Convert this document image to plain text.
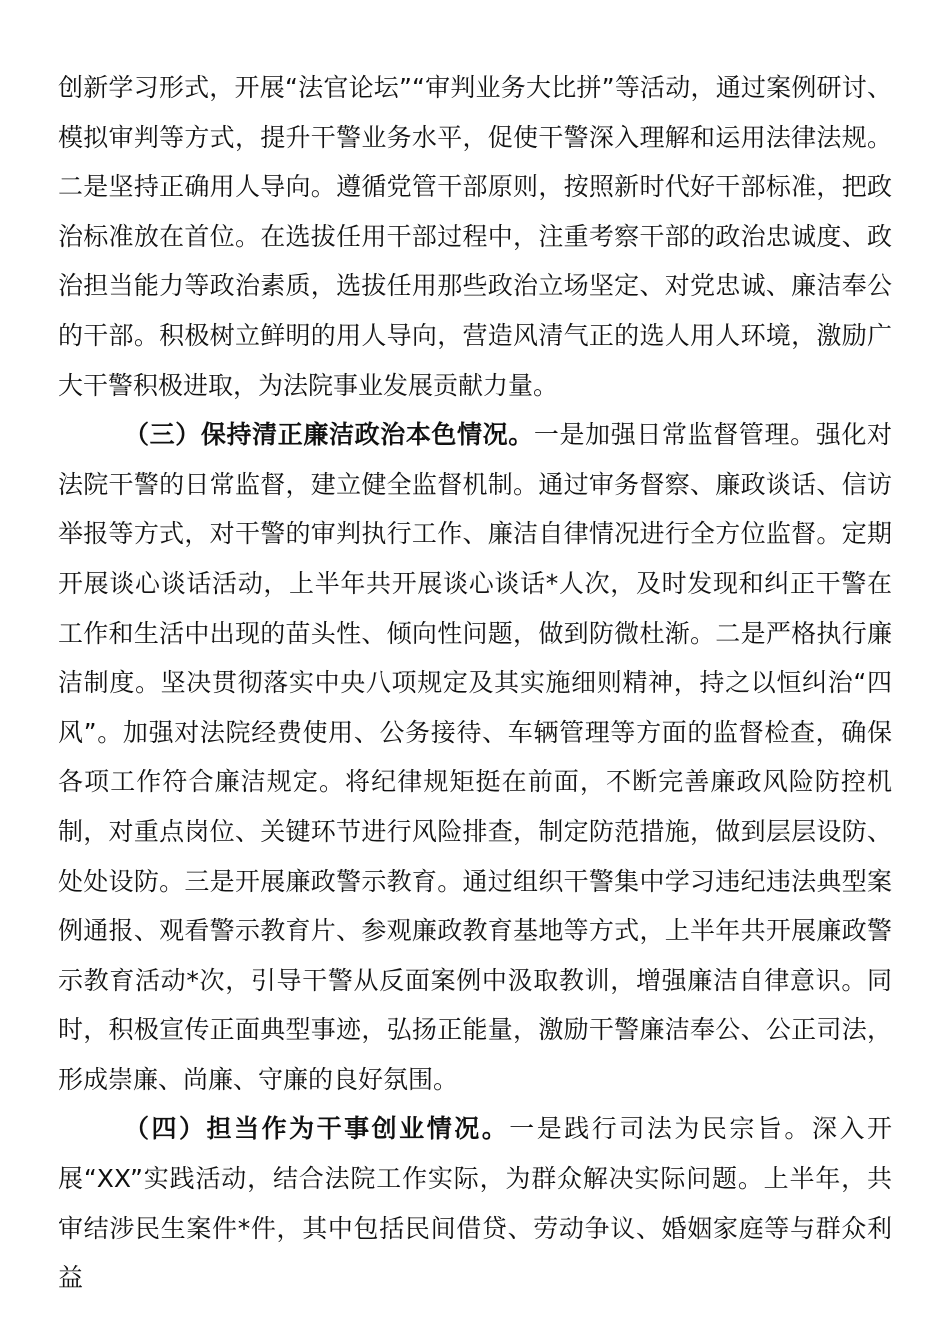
创新学习形式，开展“法官论坛”“审判业务大比拼”等活动，通过案例研讨、模拟审判等方式，提升干警业务水平，促使干警深入理解和运用法律法规。二是坚持正确用人导向。遵循党管干部原则，按照新时代好干部标准，把政治标准放在首位。在选拔任用干部过程中，注重考察干部的政治忠诚度、政治担当能力等政治素质，选拔任用那些政治立场坚定、对党忠诚、廉洁奉公的干部。积极树立鲜明的用人导向，营造风清气正的选人用人环境，激励广大干警积极进取，为法院事业发展贡献力量。

（三）保持清正廉洁政治本色情况。一是加强日常监督管理。强化对法院干警的日常监督，建立健全监督机制。通过审务督察、廉政谈话、信访举报等方式，对干警的审判执行工作、廉洁自律情况进行全方位监督。定期开展谈心谈话活动，上半年共开展谈心谈话*人次，及时发现和纠正干警在工作和生活中出现的苗头性、倾向性问题，做到防微杜渐。二是严格执行廉洁制度。坚决贯彻落实中央八项规定及其实施细则精神，持之以恒纠治“四风”。加强对法院经费使用、公务接待、车辆管理等方面的监督检查，确保各项工作符合廉洁规定。将纪律规矩挺在前面，不断完善廉政风险防控机制，对重点岗位、关键环节进行风险排查，制定防范措施，做到层层设防、处处设防。三是开展廉政警示教育。通过组织干警集中学习违纪违法典型案例通报、观看警示教育片、参观廉政教育基地等方式，上半年共开展廉政警示教育活动*次，引导干警从反面案例中汲取教训，增强廉洁自律意识。同时，积极宣传正面典型事迹，弘扬正能量，激励干警廉洁奉公、公正司法，形成崇廉、尚廉、守廉的良好氛围。

（四）担当作为干事创业情况。一是践行司法为民宗旨。深入开展“XX”实践活动，结合法院工作实际，为群众解决实际问题。上半年，共审结涉民生案件*件，其中包括民间借贷、劳动争议、婚姻家庭等与群众利益
